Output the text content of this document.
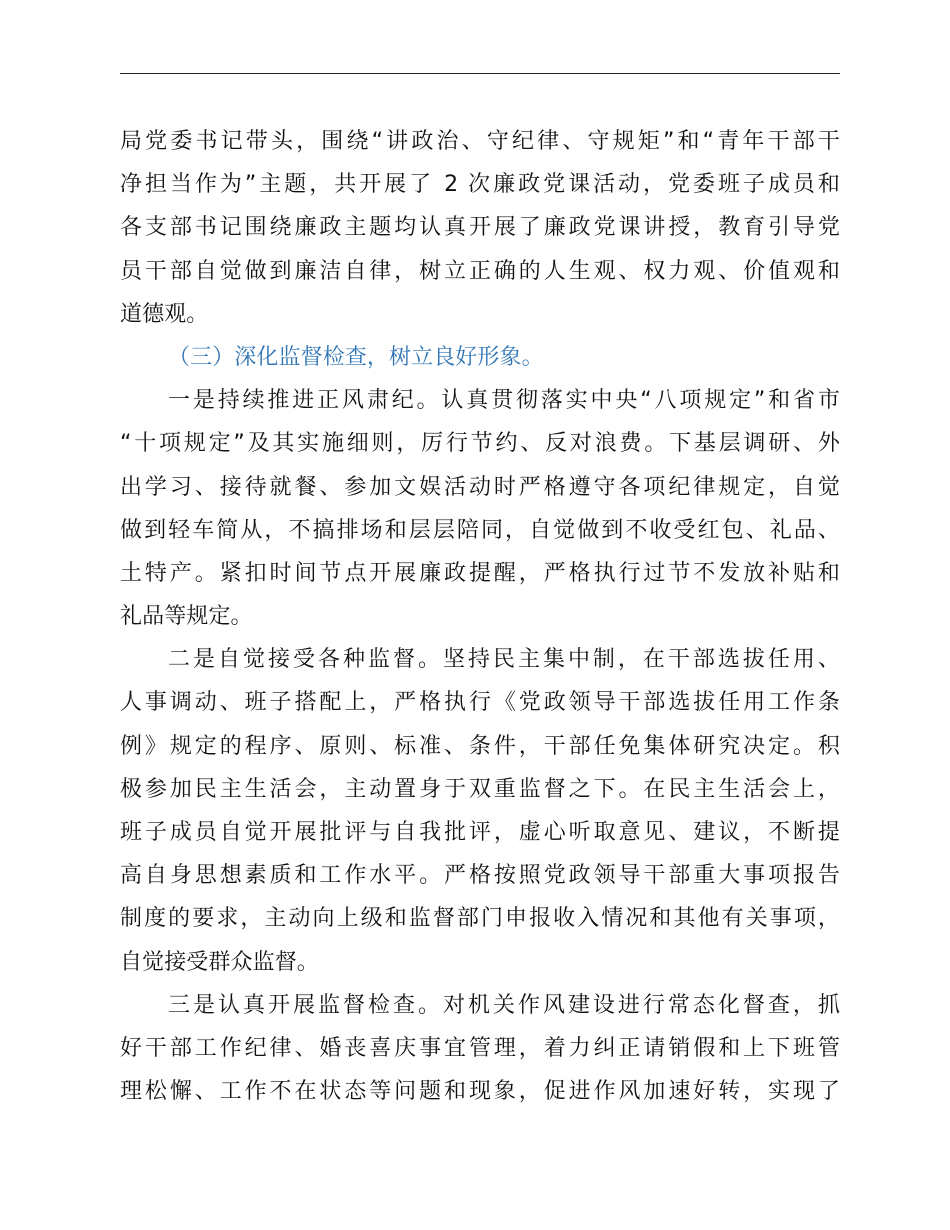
局党委书记带头，围绕“讲政治、守纪律、守规矩”和“青年干部干
净担当作为”主题，共开展了 2 次廉政党课活动，党委班子成员和
各支部书记围绕廉政主题均认真开展了廉政党课讲授，教育引导党
员干部自觉做到廉洁自律，树立正确的人生观、权力观、价值观和
道德观。
（三）深化监督检查，树立良好形象。
一是持续推进正风肃纪。认真贯彻落实中央“八项规定”和省市
“十项规定”及其实施细则，厉行节约、反对浪费。下基层调研、外
出学习、接待就餐、参加文娱活动时严格遵守各项纪律规定，自觉
做到轻车简从，不搞排场和层层陪同，自觉做到不收受红包、礼品、
土特产。紧扣时间节点开展廉政提醒，严格执行过节不发放补贴和
礼品等规定。
二是自觉接受各种监督。坚持民主集中制，在干部选拔任用、
人事调动、班子搭配上，严格执行《党政领导干部选拔任用工作条
例》规定的程序、原则、标准、条件，干部任免集体研究决定。积
极参加民主生活会，主动置身于双重监督之下。在民主生活会上，
班子成员自觉开展批评与自我批评，虚心听取意见、建议，不断提
高自身思想素质和工作水平。严格按照党政领导干部重大事项报告
制度的要求，主动向上级和监督部门申报收入情况和其他有关事项，
自觉接受群众监督。
三是认真开展监督检查。对机关作风建设进行常态化督查，抓
好干部工作纪律、婚丧喜庆事宜管理，着力纠正请销假和上下班管
理松懈、工作不在状态等问题和现象，促进作风加速好转，实现了
